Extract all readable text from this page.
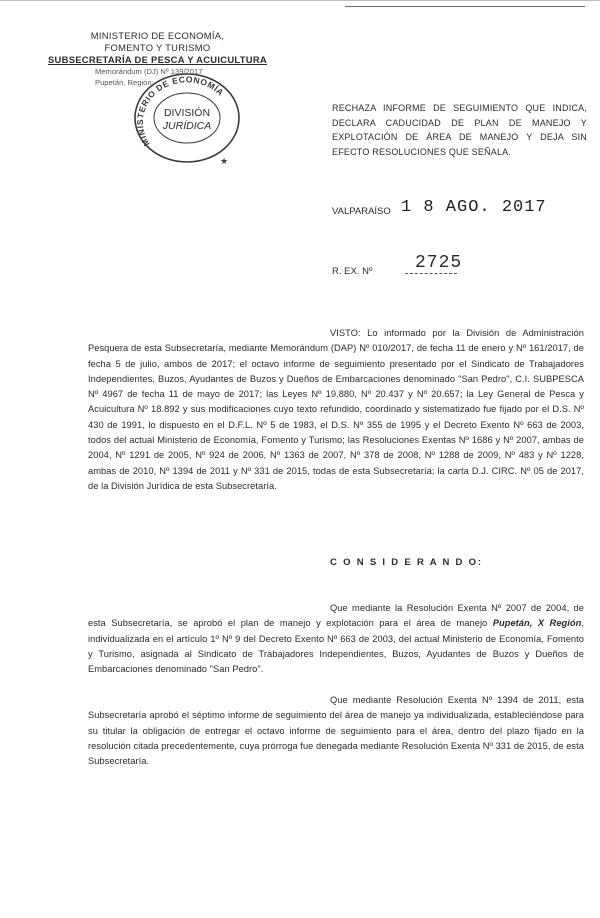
MINISTERIO DE ECONOMÍA,
FOMENTO Y TURISMO
SUBSECRETARÍA DE PESCA Y ACUICULTURA
Memorándum (DJ) Nº 139/2017
Pupetán, Región
MINISTERIO DE ECONOMÍA
DIVISIÓN
JURÍDICA
★
RECHAZA INFORME DE SEGUIMIENTO QUE INDICA, DECLARA CADUCIDAD DE PLAN DE MANEJO Y EXPLOTACIÓN DE ÁREA DE MANEJO Y DEJA SIN EFECTO RESOLUCIONES QUE SEÑALA.
VALPARAÍSO 1 8 AGO. 2017
R. EX. Nº 2725
VISTO: Lo informado por la División de Administración Pesquera de esta Subsecretaría, mediante Memorándum (DAP) Nº 010/2017, de fecha 11 de enero y Nº 161/2017, de fecha 5 de julio, ambos de 2017; el octavo informe de seguimiento presentado por el Sindicato de Trabajadores Independientes, Buzos, Ayudantes de Buzos y Dueños de Embarcaciones denominado "San Pedro", C.I. SUBPESCA Nº 4967 de fecha 11 de mayo de 2017; las Leyes Nº 19.880, Nº 20.437 y Nº 20.657; la Ley General de Pesca y Acuicultura Nº 18.892 y sus modificaciones cuyo texto refundido, coordinado y sistematizado fue fijado por el D.S. Nº 430 de 1991, lo dispuesto en el D.F.L. Nº 5 de 1983, el D.S. Nº 355 de 1995 y el Decreto Exento Nº 663 de 2003, todos del actual Ministerio de Economía, Fomento y Turismo; las Resoluciones Exentas Nº 1686 y Nº 2007, ambas de 2004, Nº 1291 de 2005, Nº 924 de 2006, Nº 1363 de 2007, Nº 378 de 2008, Nº 1288 de 2009, Nº 483 y Nº 1228, ambas de 2010, Nº 1394 de 2011 y Nº 331 de 2015, todas de esta Subsecretaría; la carta D.J. CIRC. Nº 05 de 2017, de la División Jurídica de esta Subsecretaría.
C O N S I D E R A N D O:
Que mediante la Resolución Exenta Nº 2007 de 2004, de esta Subsecretaría, se aprobó el plan de manejo y explotación para el área de manejo Pupetán, X Región, individualizada en el artículo 1º Nº 9 del Decreto Exento Nº 663 de 2003, del actual Ministerio de Economía, Fomento y Turismo, asignada al Sindicato de Trabajadores Independientes, Buzos, Ayudantes de Buzos y Dueños de Embarcaciones denominado "San Pedro".
Que mediante Resolución Exenta Nº 1394 de 2011, esta Subsecretaría aprobó el séptimo informe de seguimiento del área de manejo ya individualizada, estableciéndose para su titular la obligación de entregar el octavo informe de seguimiento para el área, dentro del plazo fijado en la resolución citada precedentemente, cuya prórroga fue denegada mediante Resolución Exenta Nº 331 de 2015, de esta Subsecretaría.
